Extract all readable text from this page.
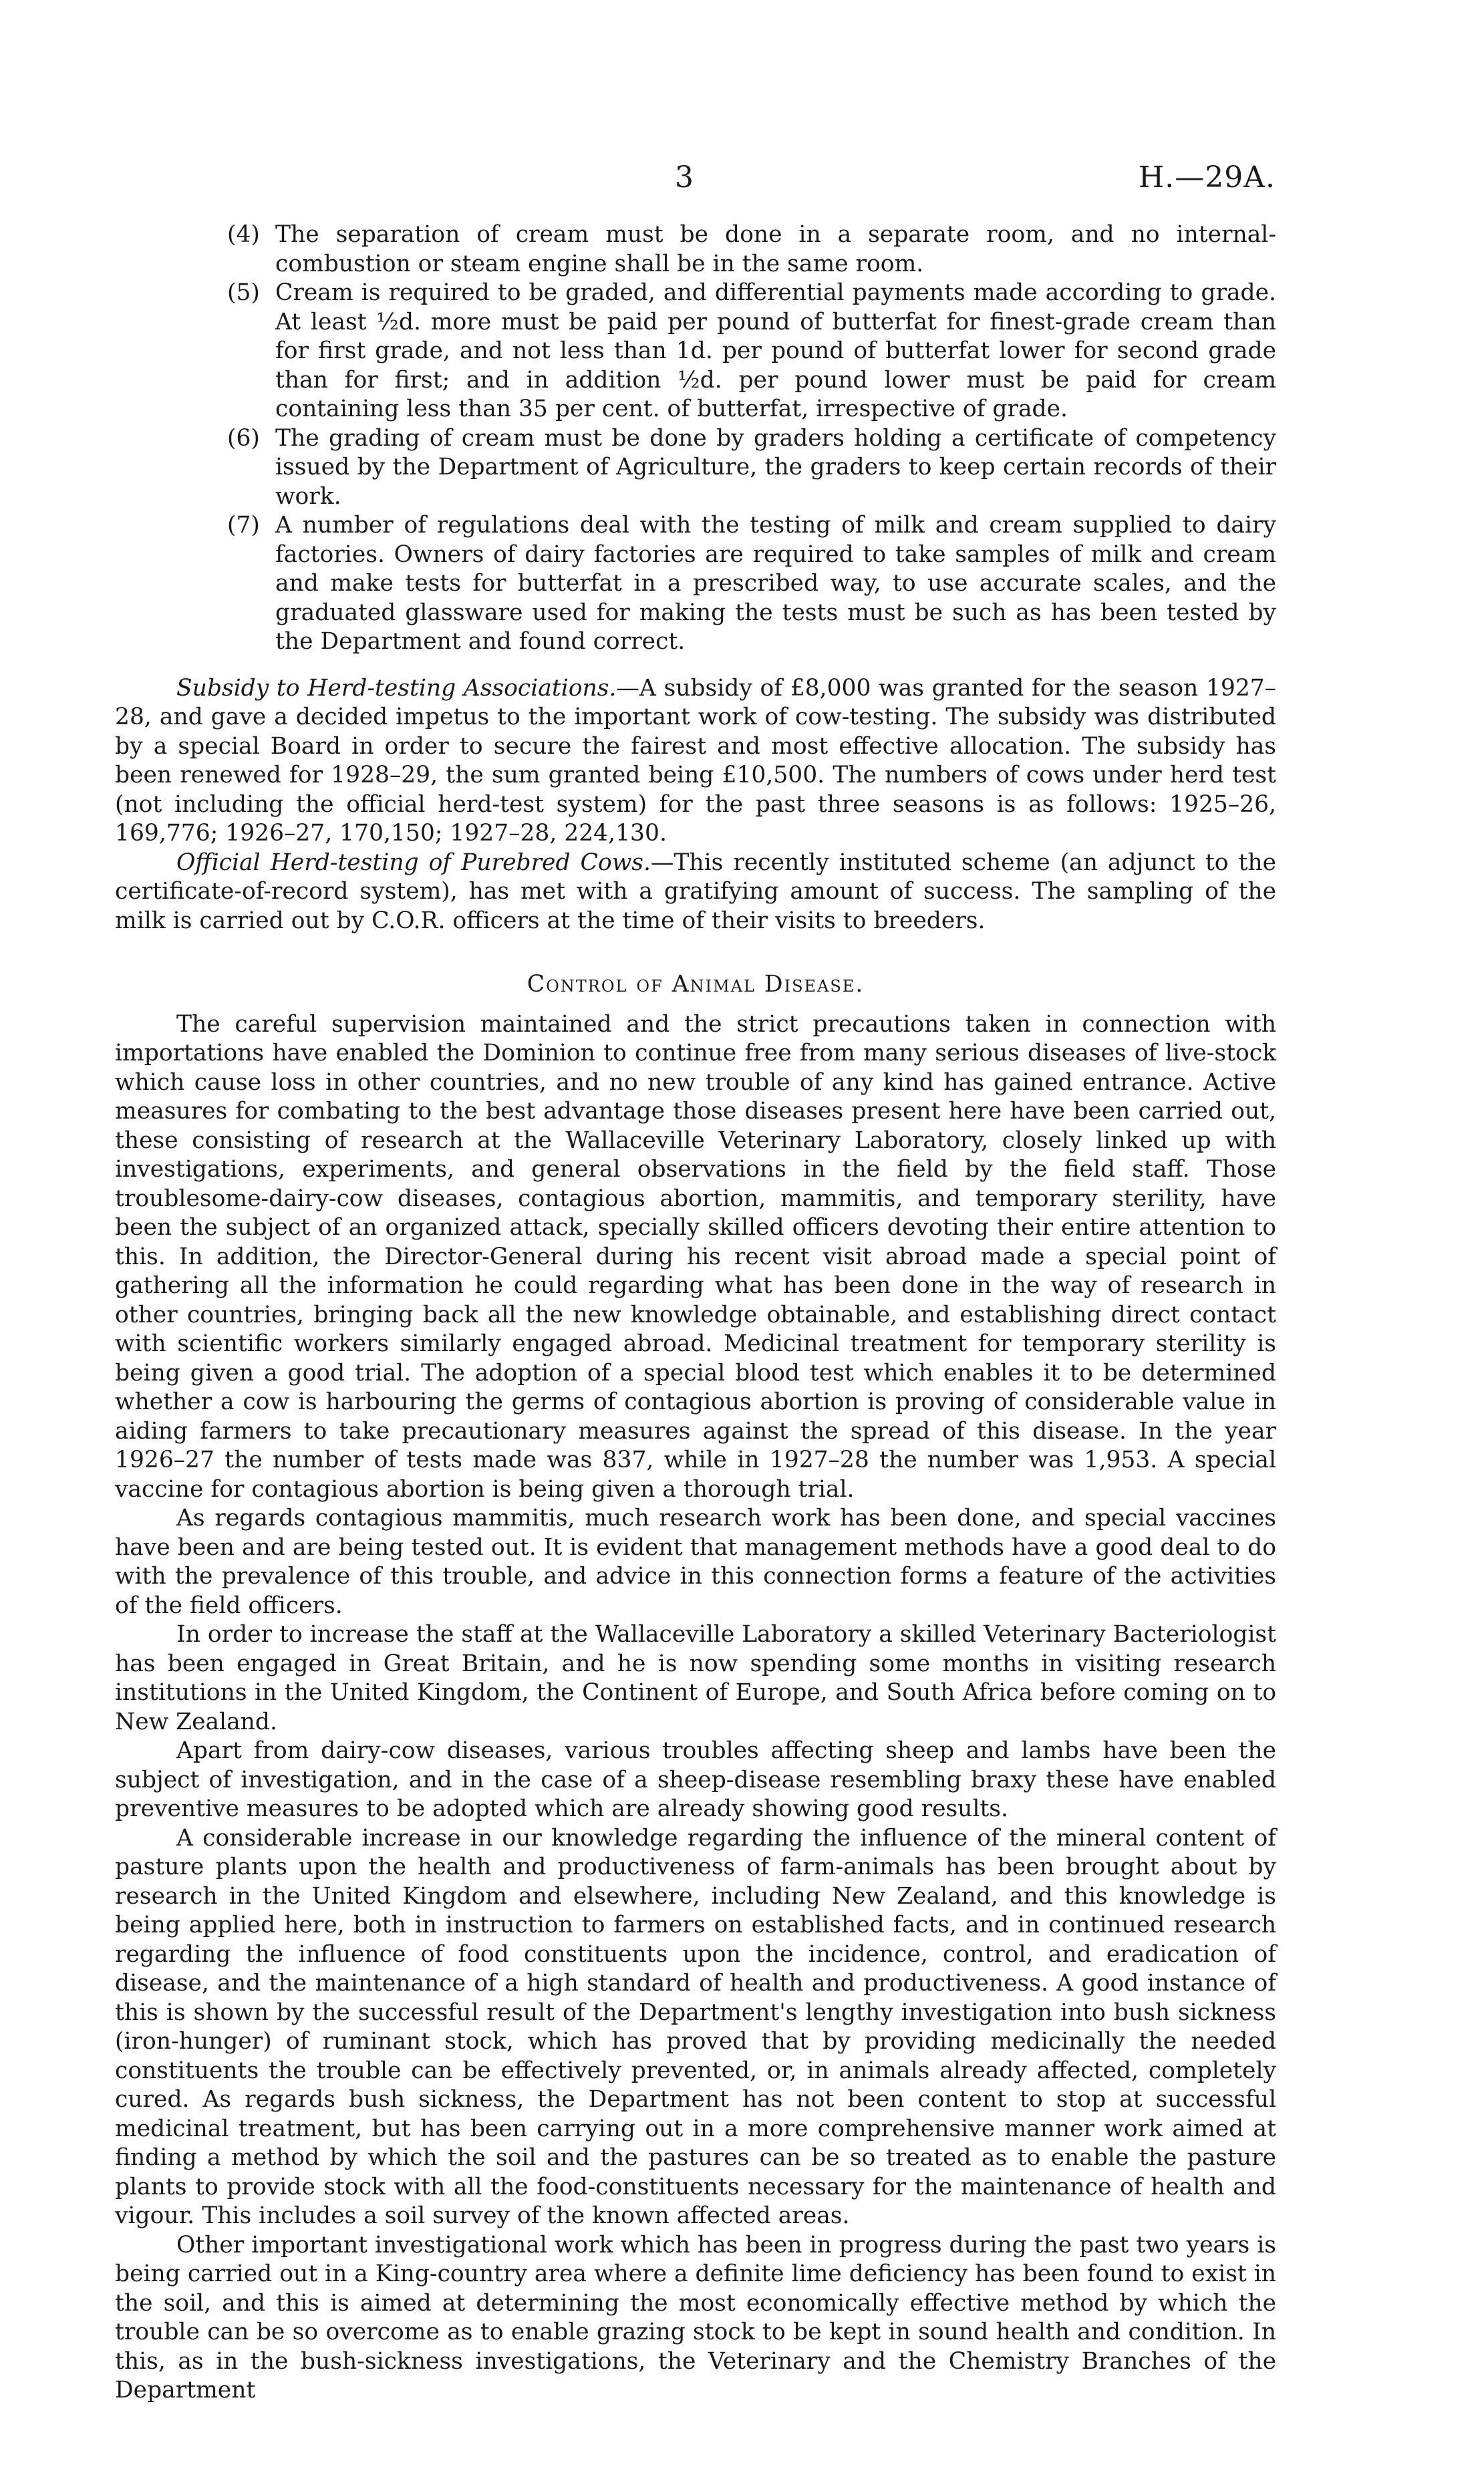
3	H.—29A.
(4) The separation of cream must be done in a separate room, and no internal-combustion or steam engine shall be in the same room.
(5) Cream is required to be graded, and differential payments made according to grade. At least ½d. more must be paid per pound of butterfat for finest-grade cream than for first grade, and not less than 1d. per pound of butterfat lower for second grade than for first; and in addition ½d. per pound lower must be paid for cream containing less than 35 per cent. of butterfat, irrespective of grade.
(6) The grading of cream must be done by graders holding a certificate of competency issued by the Department of Agriculture, the graders to keep certain records of their work.
(7) A number of regulations deal with the testing of milk and cream supplied to dairy factories. Owners of dairy factories are required to take samples of milk and cream and make tests for butterfat in a prescribed way, to use accurate scales, and the graduated glassware used for making the tests must be such as has been tested by the Department and found correct.

Subsidy to Herd-testing Associations.—A subsidy of £8,000 was granted for the season 1927–28, and gave a decided impetus to the important work of cow-testing. The subsidy was distributed by a special Board in order to secure the fairest and most effective allocation. The subsidy has been renewed for 1928–29, the sum granted being £10,500. The numbers of cows under herd test (not including the official herd-test system) for the past three seasons is as follows: 1925–26, 169,776; 1926–27, 170,150; 1927–28, 224,130.

Official Herd-testing of Purebred Cows.—This recently instituted scheme (an adjunct to the certificate-of-record system), has met with a gratifying amount of success. The sampling of the milk is carried out by C.O.R. officers at the time of their visits to breeders.

Control of Animal Disease.

The careful supervision maintained and the strict precautions taken in connection with importations have enabled the Dominion to continue free from many serious diseases of live-stock which cause loss in other countries, and no new trouble of any kind has gained entrance. Active measures for combating to the best advantage those diseases present here have been carried out, these consisting of research at the Wallaceville Veterinary Laboratory, closely linked up with investigations, experiments, and general observations in the field by the field staff. Those troublesome-dairy-cow diseases, contagious abortion, mammitis, and temporary sterility, have been the subject of an organized attack, specially skilled officers devoting their entire attention to this. In addition, the Director-General during his recent visit abroad made a special point of gathering all the information he could regarding what has been done in the way of research in other countries, bringing back all the new knowledge obtainable, and establishing direct contact with scientific workers similarly engaged abroad. Medicinal treatment for temporary sterility is being given a good trial. The adoption of a special blood test which enables it to be determined whether a cow is harbouring the germs of contagious abortion is proving of considerable value in aiding farmers to take precautionary measures against the spread of this disease. In the year 1926–27 the number of tests made was 837, while in 1927–28 the number was 1,953. A special vaccine for contagious abortion is being given a thorough trial.

As regards contagious mammitis, much research work has been done, and special vaccines have been and are being tested out. It is evident that management methods have a good deal to do with the prevalence of this trouble, and advice in this connection forms a feature of the activities of the field officers.

In order to increase the staff at the Wallaceville Laboratory a skilled Veterinary Bacteriologist has been engaged in Great Britain, and he is now spending some months in visiting research institutions in the United Kingdom, the Continent of Europe, and South Africa before coming on to New Zealand.

Apart from dairy-cow diseases, various troubles affecting sheep and lambs have been the subject of investigation, and in the case of a sheep-disease resembling braxy these have enabled preventive measures to be adopted which are already showing good results.

A considerable increase in our knowledge regarding the influence of the mineral content of pasture plants upon the health and productiveness of farm-animals has been brought about by research in the United Kingdom and elsewhere, including New Zealand, and this knowledge is being applied here, both in instruction to farmers on established facts, and in continued research regarding the influence of food constituents upon the incidence, control, and eradication of disease, and the maintenance of a high standard of health and productiveness. A good instance of this is shown by the successful result of the Department's lengthy investigation into bush sickness (iron-hunger) of ruminant stock, which has proved that by providing medicinally the needed constituents the trouble can be effectively prevented, or, in animals already affected, completely cured. As regards bush sickness, the Department has not been content to stop at successful medicinal treatment, but has been carrying out in a more comprehensive manner work aimed at finding a method by which the soil and the pastures can be so treated as to enable the pasture plants to provide stock with all the food-constituents necessary for the maintenance of health and vigour. This includes a soil survey of the known affected areas.

Other important investigational work which has been in progress during the past two years is being carried out in a King-country area where a definite lime deficiency has been found to exist in the soil, and this is aimed at determining the most economically effective method by which the trouble can be so overcome as to enable grazing stock to be kept in sound health and condition. In this, as in the bush-sickness investigations, the Veterinary and the Chemistry Branches of the Department
